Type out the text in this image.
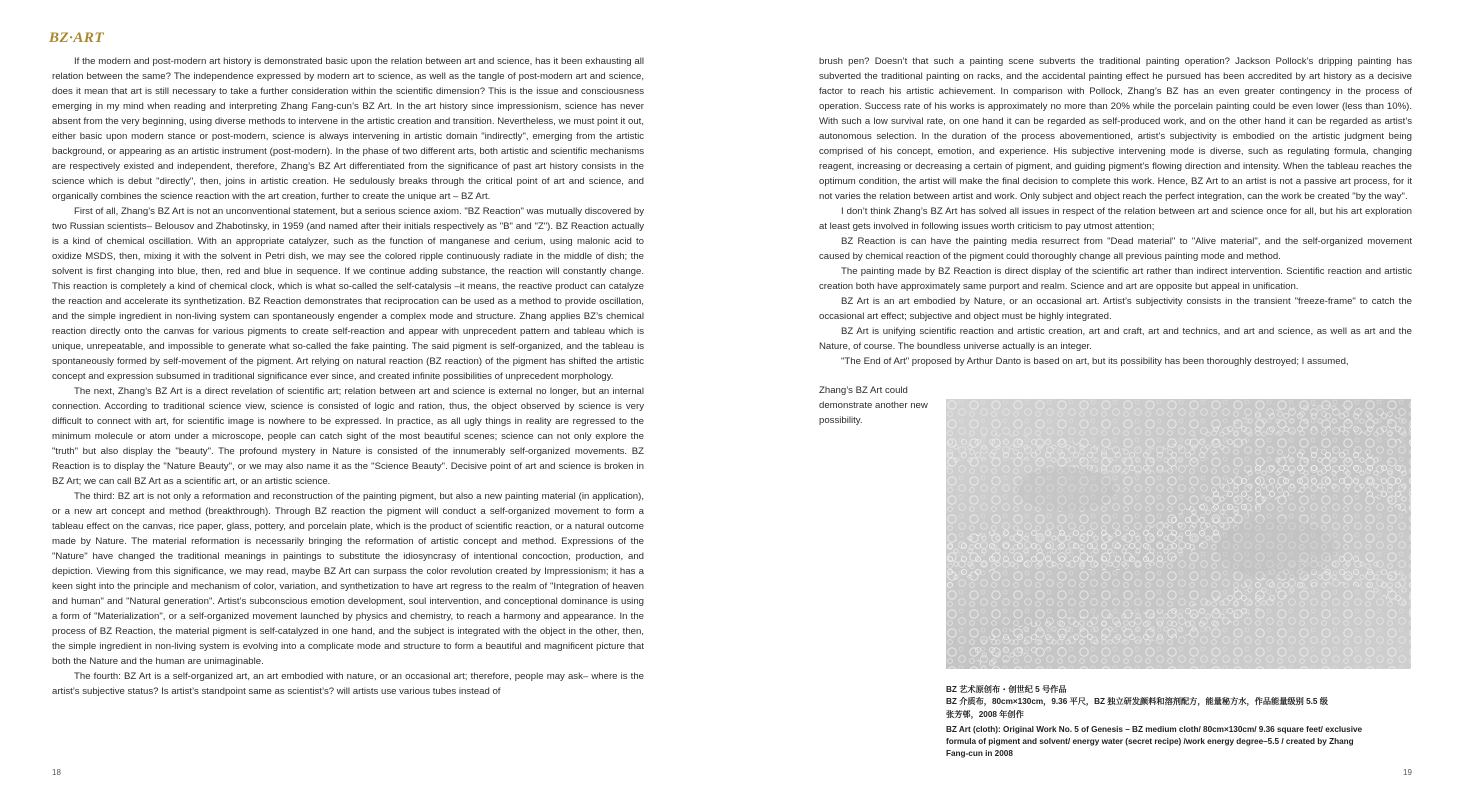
BZ·ART

If the modern and post-modern art history is demonstrated basic upon the relation between art and science, has it been exhausting all relation between the same? The independence expressed by modern art to science, as well as the tangle of post-modern art and science, does it mean that art is still necessary to take a further consideration within the scientific dimension? This is the issue and consciousness emerging in my mind when reading and interpreting Zhang Fang-cun’s BZ Art. In the art history since impressionism, science has never absent from the very beginning, using diverse methods to intervene in the artistic creation and transition. Nevertheless, we must point it out, either basic upon modern stance or post-modern, science is always intervening in artistic domain "indirectly", emerging from the artistic background, or appearing as an artistic instrument (post-modern). In the phase of two different arts, both artistic and scientific mechanisms are respectively existed and independent, therefore, Zhang’s BZ Art differentiated from the significance of past art history consists in the science which is debut "directly", then, joins in artistic creation. He sedulously breaks through the critical point of art and science, and organically combines the science reaction with the art creation, further to create the unique art – BZ Art.

First of all, Zhang’s BZ Art is not an unconventional statement, but a serious science axiom. "BZ Reaction" was mutually discovered by two Russian scientists– Belousov and Zhabotinsky, in 1959 (and named after their initials respectively as "B" and "Z"). BZ Reaction actually is a kind of chemical oscillation. With an appropriate catalyzer, such as the function of manganese and cerium, using malonic acid to oxidize MSDS, then, mixing it with the solvent in Petri dish, we may see the colored ripple continuously radiate in the middle of dish; the solvent is first changing into blue, then, red and blue in sequence. If we continue adding substance, the reaction will constantly change. This reaction is completely a kind of chemical clock, which is what so-called the self-catalysis –it means, the reactive product can catalyze the reaction and accelerate its synthetization. BZ Reaction demonstrates that reciprocation can be used as a method to provide oscillation, and the simple ingredient in non-living system can spontaneously engender a complex mode and structure. Zhang applies BZ’s chemical reaction directly onto the canvas for various pigments to create self-reaction and appear with unprecedent pattern and tableau which is unique, unrepeatable, and impossible to generate what so-called the fake painting. The said pigment is self-organized, and the tableau is spontaneously formed by self-movement of the pigment. Art relying on natural reaction (BZ reaction) of the pigment has shifted the artistic concept and expression subsumed in traditional significance ever since, and created infinite possibilities of unprecedent morphology.

The next, Zhang’s BZ Art is a direct revelation of scientific art; relation between art and science is external no longer, but an internal connection. According to traditional science view, science is consisted of logic and ration, thus, the object observed by science is very difficult to connect with art, for scientific image is nowhere to be expressed. In practice, as all ugly things in reality are regressed to the minimum molecule or atom under a microscope, people can catch sight of the most beautiful scenes; science can not only explore the "truth" but also display the "beauty". The profound mystery in Nature is consisted of the innumerably self-organized movements. BZ Reaction is to display the "Nature Beauty", or we may also name it as the "Science Beauty". Decisive point of art and science is broken in BZ Art; we can call BZ Art as a scientific art, or an artistic science.

The third: BZ art is not only a reformation and reconstruction of the painting pigment, but also a new painting material (in application), or a new art concept and method (breakthrough). Through BZ reaction the pigment will conduct a self-organized movement to form a tableau effect on the canvas, rice paper, glass, pottery, and porcelain plate, which is the product of scientific reaction, or a natural outcome made by Nature. The material reformation is necessarily bringing the reformation of artistic concept and method. Expressions of the "Nature" have changed the traditional meanings in paintings to substitute the idiosyncrasy of intentional concoction, production, and depiction. Viewing from this significance, we may read, maybe BZ Art can surpass the color revolution created by Impressionism; it has a keen sight into the principle and mechanism of color, variation, and synthetization to have art regress to the realm of "Integration of heaven and human" and "Natural generation". Artist’s subconscious emotion development, soul intervention, and conceptional dominance is using a form of "Materialization", or a self-organized movement launched by physics and chemistry, to reach a harmony and appearance. In the process of BZ Reaction, the material pigment is self-catalyzed in one hand, and the subject is integrated with the object in the other, then, the simple ingredient in non-living system is evolving into a complicate mode and structure to form a beautiful and magnificent picture that both the Nature and the human are unimaginable.

The fourth: BZ Art is a self-organized art, an art embodied with nature, or an occasional art; therefore, people may ask– where is the artist’s subjective status? Is artist’s standpoint same as scientist’s? will artists use various tubes instead of

18

brush pen? Doesn’t that such a painting scene subverts the traditional painting operation? Jackson Pollock’s dripping painting has subverted the traditional painting on racks, and the accidental painting effect he pursued has been accredited by art history as a decisive factor to reach his artistic achievement. In comparison with Pollock, Zhang’s BZ has an even greater contingency in the process of operation. Success rate of his works is approximately no more than 20% while the porcelain painting could be even lower (less than 10%). With such a low survival rate, on one hand it can be regarded as self-produced work, and on the other hand it can be regarded as artist’s autonomous selection. In the duration of the process abovementioned, artist’s subjectivity is embodied on the artistic judgment being comprised of his concept, emotion, and experience. His subjective intervening mode is diverse, such as regulating formula, changing reagent, increasing or decreasing a certain of pigment, and guiding pigment’s flowing direction and intensity. When the tableau reaches the optimum condition, the artist will make the final decision to complete this work. Hence, BZ Art to an artist is not a passive art process, for it not varies the relation between artist and work. Only subject and object reach the perfect integration, can the work be created "by the way".

I don’t think Zhang’s BZ Art has solved all issues in respect of the relation between art and science once for all, but his art exploration at least gets involved in following issues worth criticism to pay utmost attention;

BZ Reaction is can have the painting media resurrect from "Dead material" to "Alive material", and the self-organized movement caused by chemical reaction of the pigment could thoroughly change all previous painting mode and method.

The painting made by BZ Reaction is direct display of the scientific art rather than indirect intervention. Scientific reaction and artistic creation both have approximately same purport and realm. Science and art are opposite but appeal in unification.

BZ Art is an art embodied by Nature, or an occasional art. Artist’s subjectivity consists in the transient "freeze-frame" to catch the occasional art effect; subjective and object must be highly integrated.

BZ Art is unifying scientific reaction and artistic creation, art and craft, art and technics, and art and science, as well as art and the Nature, of course. The boundless universe actually is an integer.

"The End of Art" proposed by Arthur Danto is based on art, but its possibility has been thoroughly destroyed; I assumed,

Zhang’s BZ Art could demonstrate another new possibility.
BZ 艺术原创布・创世纪 5 号作品
BZ 介质布，80cm×130cm，9.36 平尺，BZ 独立研发颜料和溶剂配方，能量秘方水，作品能量级别 5.5 级
张芳邨，2008 年创作
BZ Art (cloth): Original Work No. 5 of Genesis – BZ medium cloth/ 80cm×130cm/ 9.36 square feet/ exclusive formula of pigment and solvent/ energy water (secret recipe) /work energy degree–5.5 / created by Zhang Fang-cun in 2008
19
